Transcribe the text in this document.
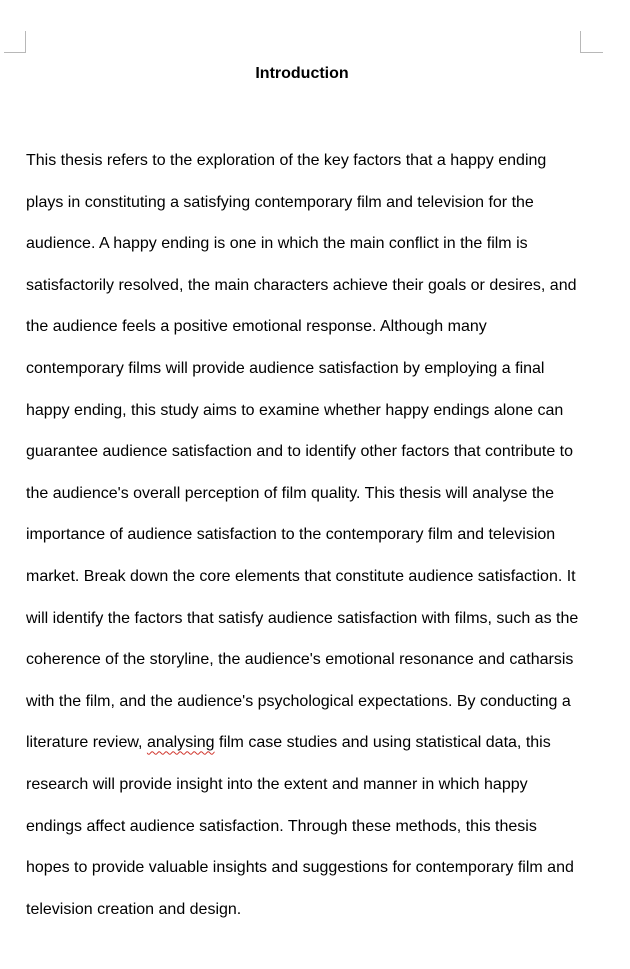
Introduction
This thesis refers to the exploration of the key factors that a happy ending
plays in constituting a satisfying contemporary film and television for the
audience. A happy ending is one in which the main conflict in the film is
satisfactorily resolved, the main characters achieve their goals or desires, and
the audience feels a positive emotional response. Although many
contemporary films will provide audience satisfaction by employing a final
happy ending, this study aims to examine whether happy endings alone can
guarantee audience satisfaction and to identify other factors that contribute to
the audience's overall perception of film quality. This thesis will analyse the
importance of audience satisfaction to the contemporary film and television
market. Break down the core elements that constitute audience satisfaction. It
will identify the factors that satisfy audience satisfaction with films, such as the
coherence of the storyline, the audience's emotional resonance and catharsis
with the film, and the audience's psychological expectations. By conducting a
literature review, analysing film case studies and using statistical data, this
research will provide insight into the extent and manner in which happy
endings affect audience satisfaction. Through these methods, this thesis
hopes to provide valuable insights and suggestions for contemporary film and
television creation and design.
